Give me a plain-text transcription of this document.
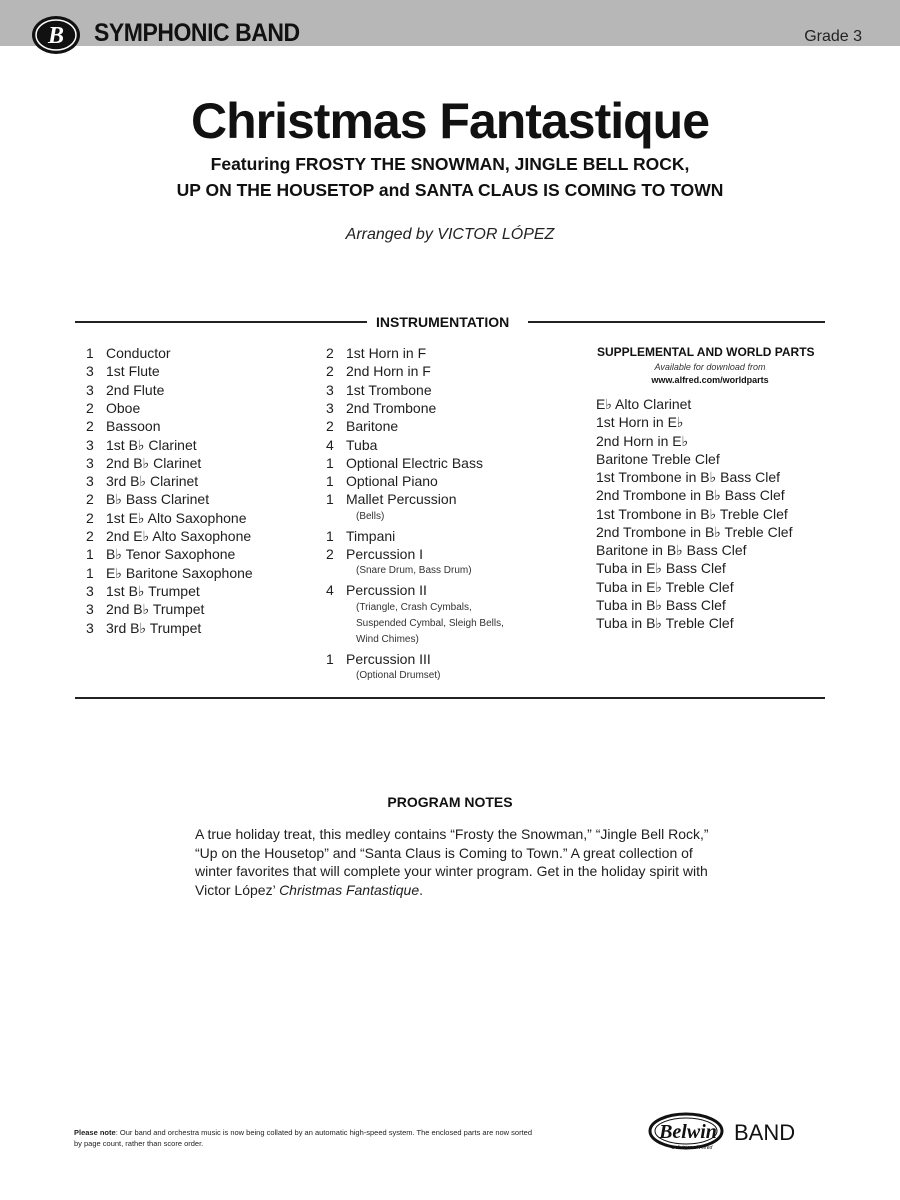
B SYMPHONIC BAND	Grade 3
Christmas Fantastique
Featuring FROSTY THE SNOWMAN, JINGLE BELL ROCK,
UP ON THE HOUSETOP and SANTA CLAUS IS COMING TO TOWN
Arranged by VICTOR LÓPEZ
INSTRUMENTATION
1 Conductor
3 1st Flute
3 2nd Flute
2 Oboe
2 Bassoon
3 1st B♭ Clarinet
3 2nd B♭ Clarinet
3 3rd B♭ Clarinet
2 B♭ Bass Clarinet
2 1st E♭ Alto Saxophone
2 2nd E♭ Alto Saxophone
1 B♭ Tenor Saxophone
1 E♭ Baritone Saxophone
3 1st B♭ Trumpet
3 2nd B♭ Trumpet
3 3rd B♭ Trumpet
2 1st Horn in F
2 2nd Horn in F
3 1st Trombone
3 2nd Trombone
2 Baritone
4 Tuba
1 Optional Electric Bass
1 Optional Piano
1 Mallet Percussion
(Bells)
1 Timpani
2 Percussion I
(Snare Drum, Bass Drum)
4 Percussion II
(Triangle, Crash Cymbals,
Suspended Cymbal, Sleigh Bells,
Wind Chimes)
1 Percussion III
(Optional Drumset)
SUPPLEMENTAL AND WORLD PARTS
Available for download from
www.alfred.com/worldparts
E♭ Alto Clarinet
1st Horn in E♭
2nd Horn in E♭
Baritone Treble Clef
1st Trombone in B♭ Bass Clef
2nd Trombone in B♭ Bass Clef
1st Trombone in B♭ Treble Clef
2nd Trombone in B♭ Treble Clef
Baritone in B♭ Bass Clef
Tuba in E♭ Bass Clef
Tuba in E♭ Treble Clef
Tuba in B♭ Bass Clef
Tuba in B♭ Treble Clef
PROGRAM NOTES
A true holiday treat, this medley contains “Frosty the Snowman,” “Jingle Bell Rock,” “Up on the Housetop” and “Santa Claus is Coming to Town.” A great collection of winter favorites that will complete your winter program. Get in the holiday spirit with Victor López’ Christmas Fantastique.
Please note: Our band and orchestra music is now being collated by an automatic high-speed system. The enclosed parts are now sorted by page count, rather than score order.
Belwin BAND
a division of Alfred
